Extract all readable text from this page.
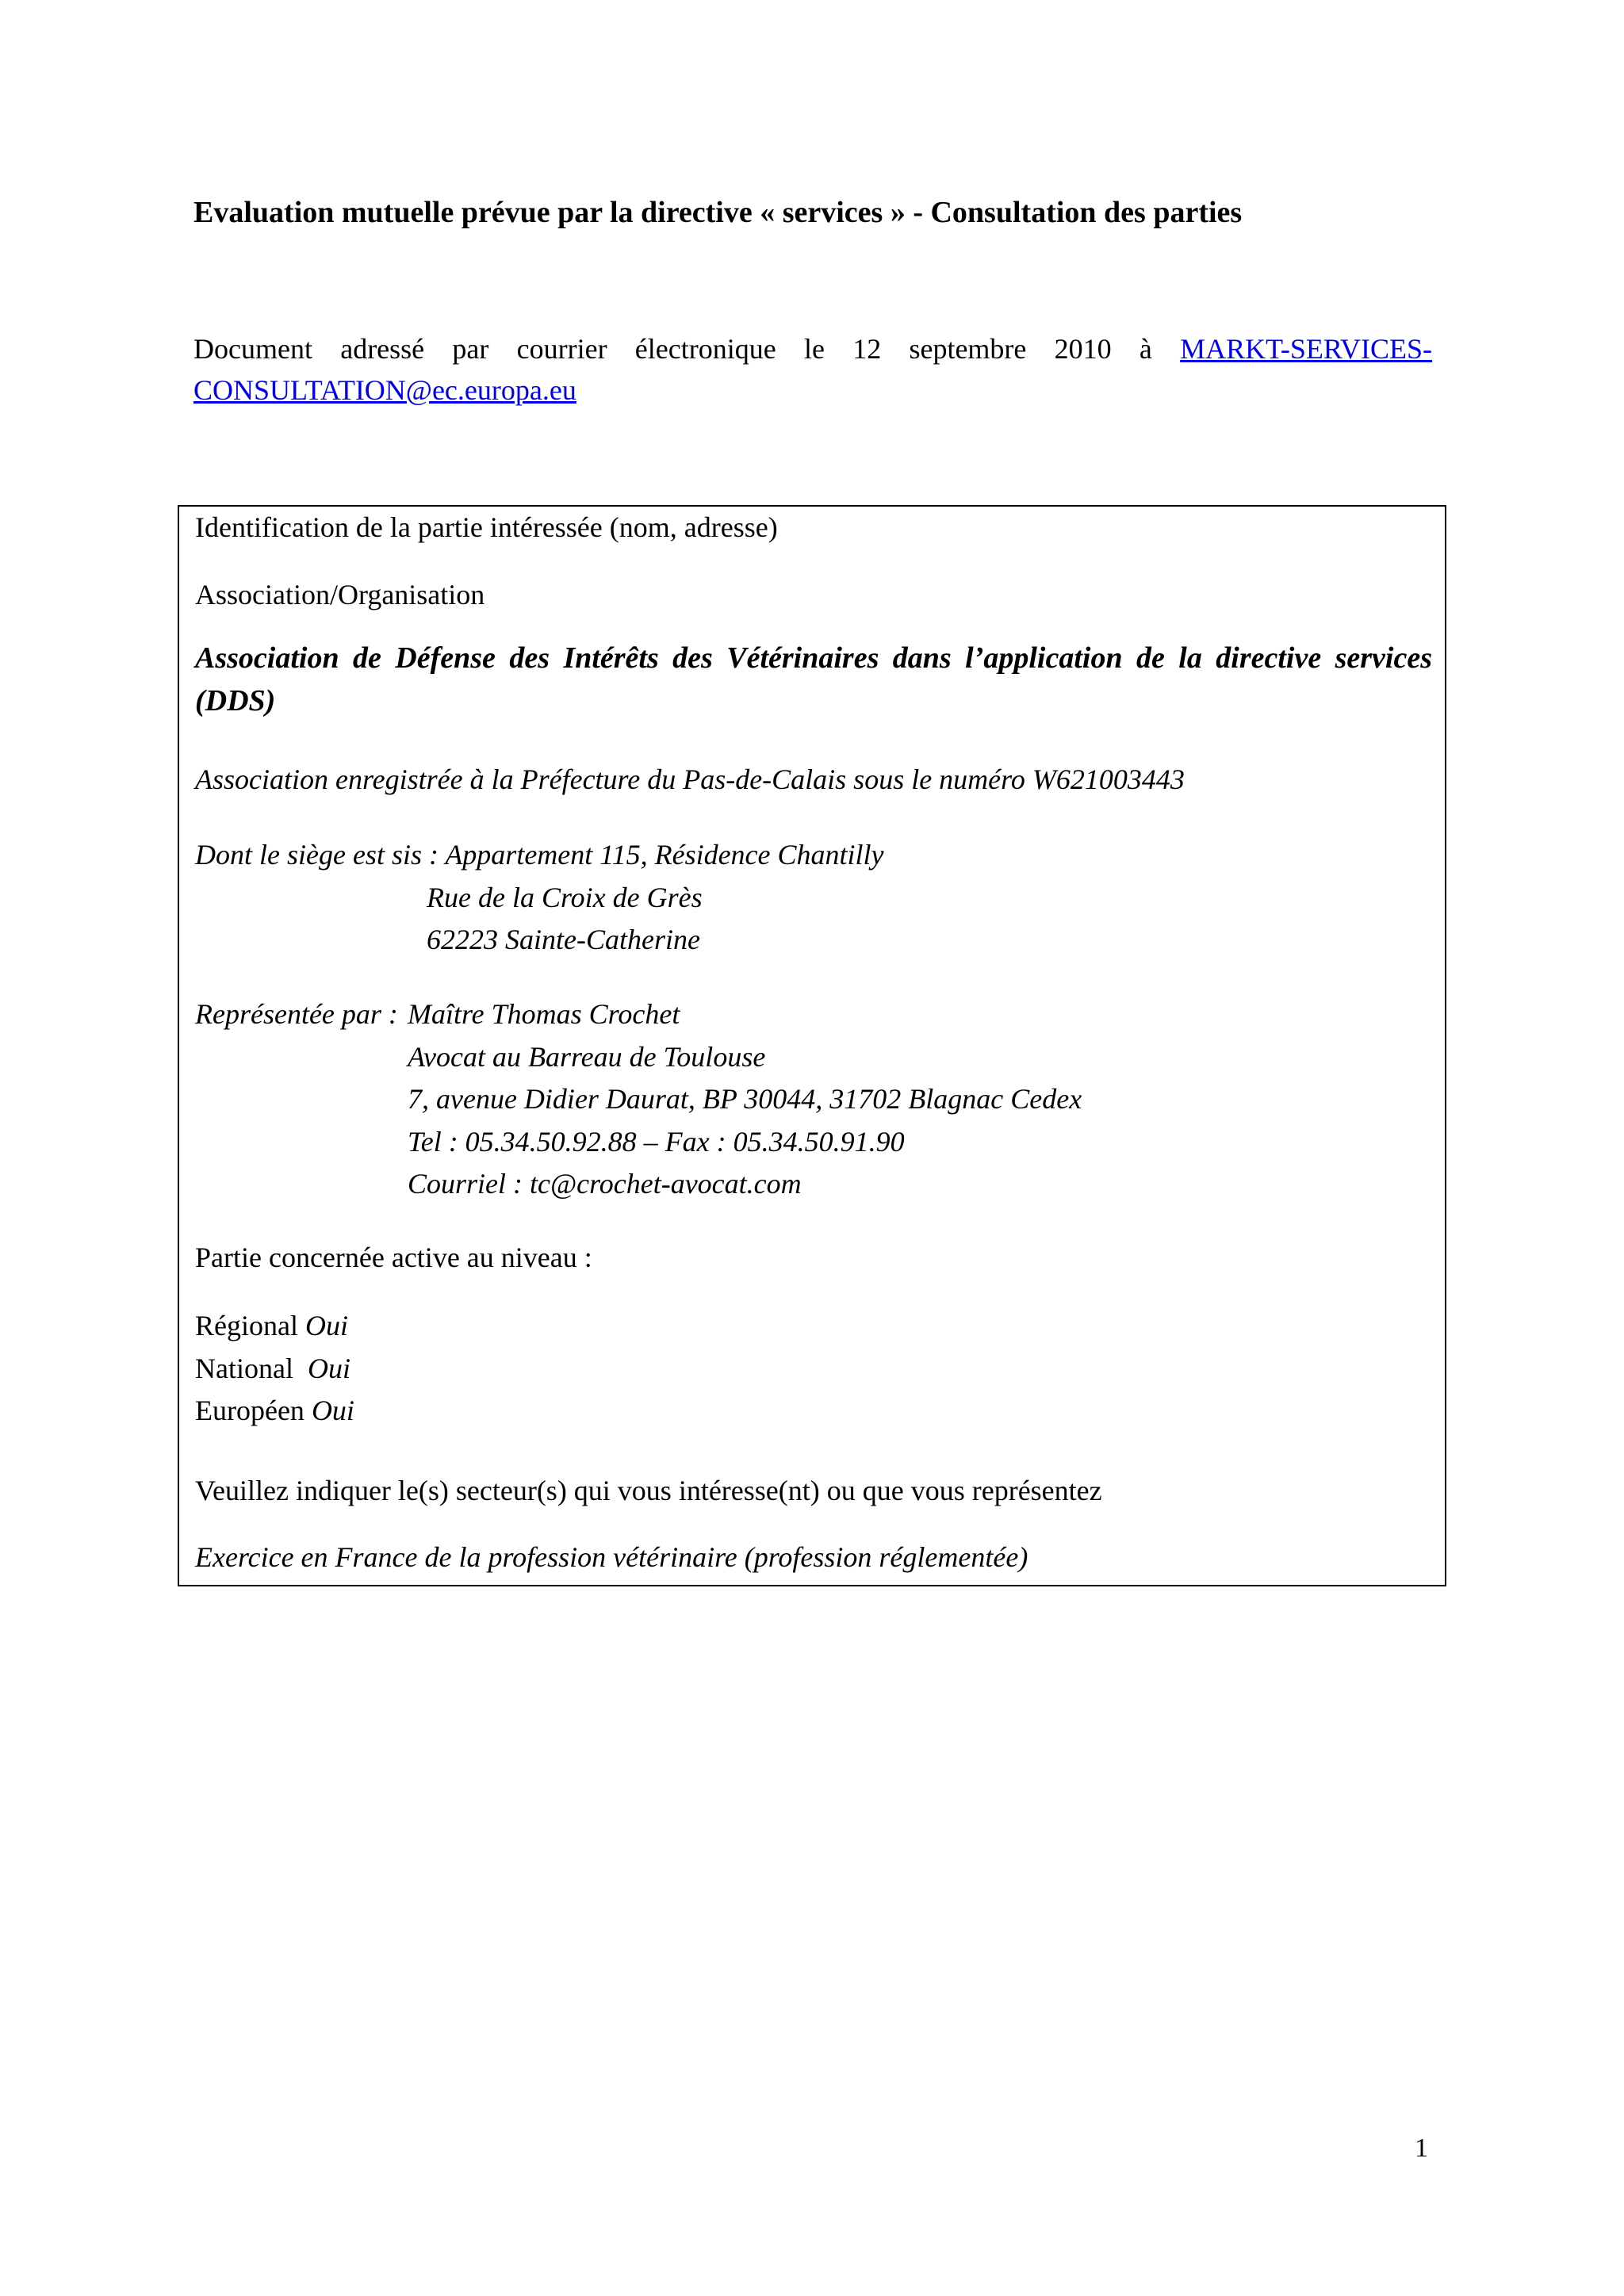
Evaluation mutuelle prévue par la directive « services » - Consultation des parties
Document adressé par courrier électronique le 12 septembre 2010 à MARKT-SERVICES-CONSULTATION@ec.europa.eu
Identification de la partie intéressée (nom, adresse)
Association/Organisation
Association de Défense des Intérêts des Vétérinaires dans l’application de la directive services (DDS)
Association enregistrée à la Préfecture du Pas-de-Calais sous le numéro W621003443
Dont le siège est sis : Appartement 115, Résidence Chantilly
Rue de la Croix de Grès
62223 Sainte-Catherine
Représentée par : Maître Thomas Crochet
Avocat au Barreau de Toulouse
7, avenue Didier Daurat, BP 30044, 31702 Blagnac Cedex
Tel : 05.34.50.92.88 – Fax : 05.34.50.91.90
Courriel : tc@crochet-avocat.com
Partie concernée active au niveau :
Régional Oui
National Oui
Européen Oui
Veuillez indiquer le(s) secteur(s) qui vous intéresse(nt) ou que vous représentez
Exercice en France de la profession vétérinaire (profession réglementée)
1
